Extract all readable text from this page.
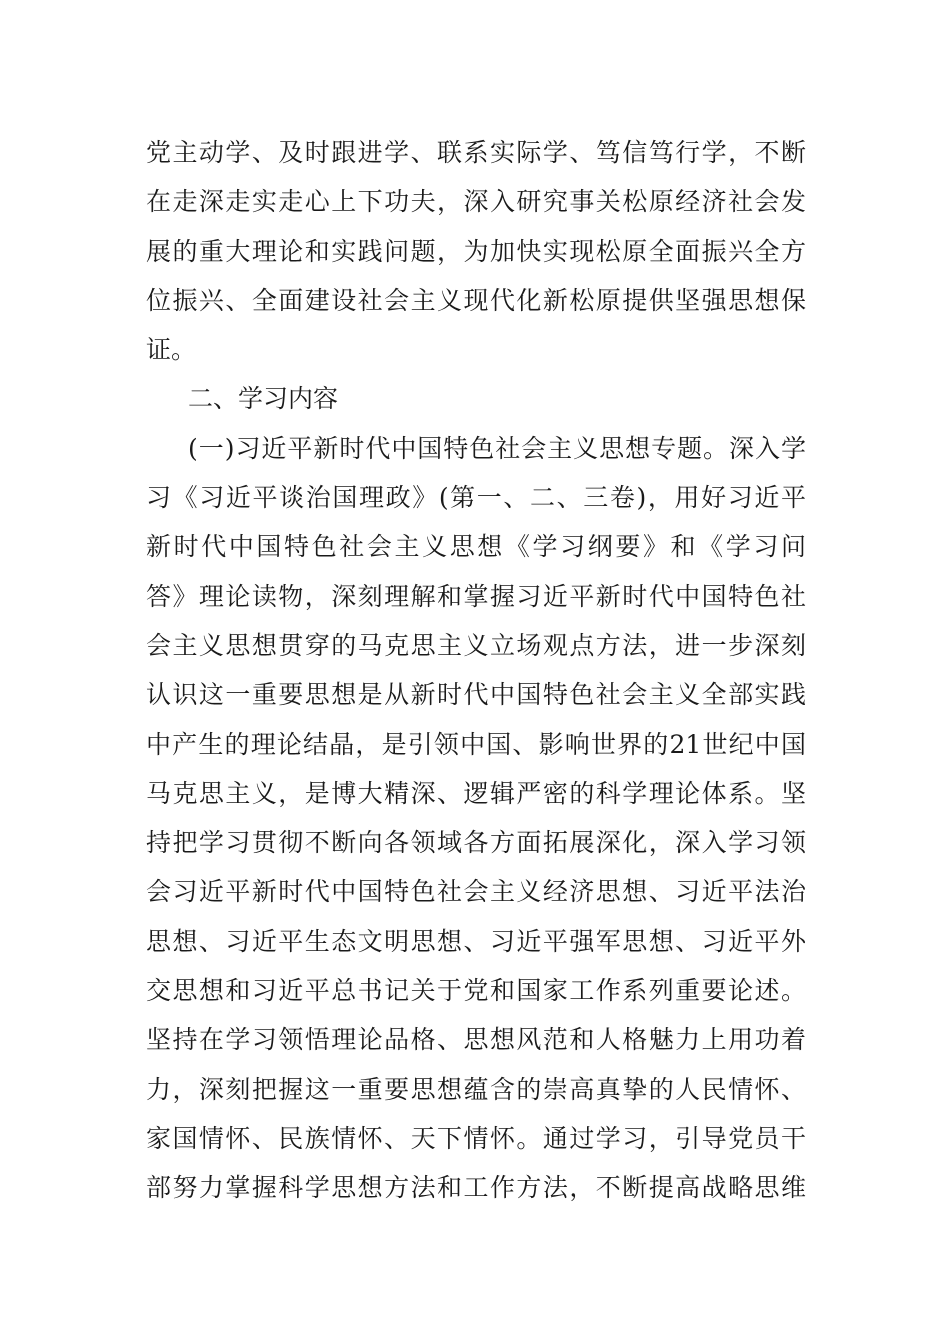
党主动学、及时跟进学、联系实际学、笃信笃行学，不断
在走深走实走心上下功夫，深入研究事关松原经济社会发
展的重大理论和实践问题，为加快实现松原全面振兴全方
位振兴、全面建设社会主义现代化新松原提供坚强思想保
证。
二、学习内容
(一)习近平新时代中国特色社会主义思想专题。深入学
习《习近平谈治国理政》(第一、二、三卷)，用好习近平
新时代中国特色社会主义思想《学习纲要》和《学习问
答》理论读物，深刻理解和掌握习近平新时代中国特色社
会主义思想贯穿的马克思主义立场观点方法，进一步深刻
认识这一重要思想是从新时代中国特色社会主义全部实践
中产生的理论结晶，是引领中国、影响世界的21世纪中国
马克思主义，是博大精深、逻辑严密的科学理论体系。坚
持把学习贯彻不断向各领域各方面拓展深化，深入学习领
会习近平新时代中国特色社会主义经济思想、习近平法治
思想、习近平生态文明思想、习近平强军思想、习近平外
交思想和习近平总书记关于党和国家工作系列重要论述。
坚持在学习领悟理论品格、思想风范和人格魅力上用功着
力，深刻把握这一重要思想蕴含的崇高真挚的人民情怀、
家国情怀、民族情怀、天下情怀。通过学习，引导党员干
部努力掌握科学思想方法和工作方法，不断提高战略思维
